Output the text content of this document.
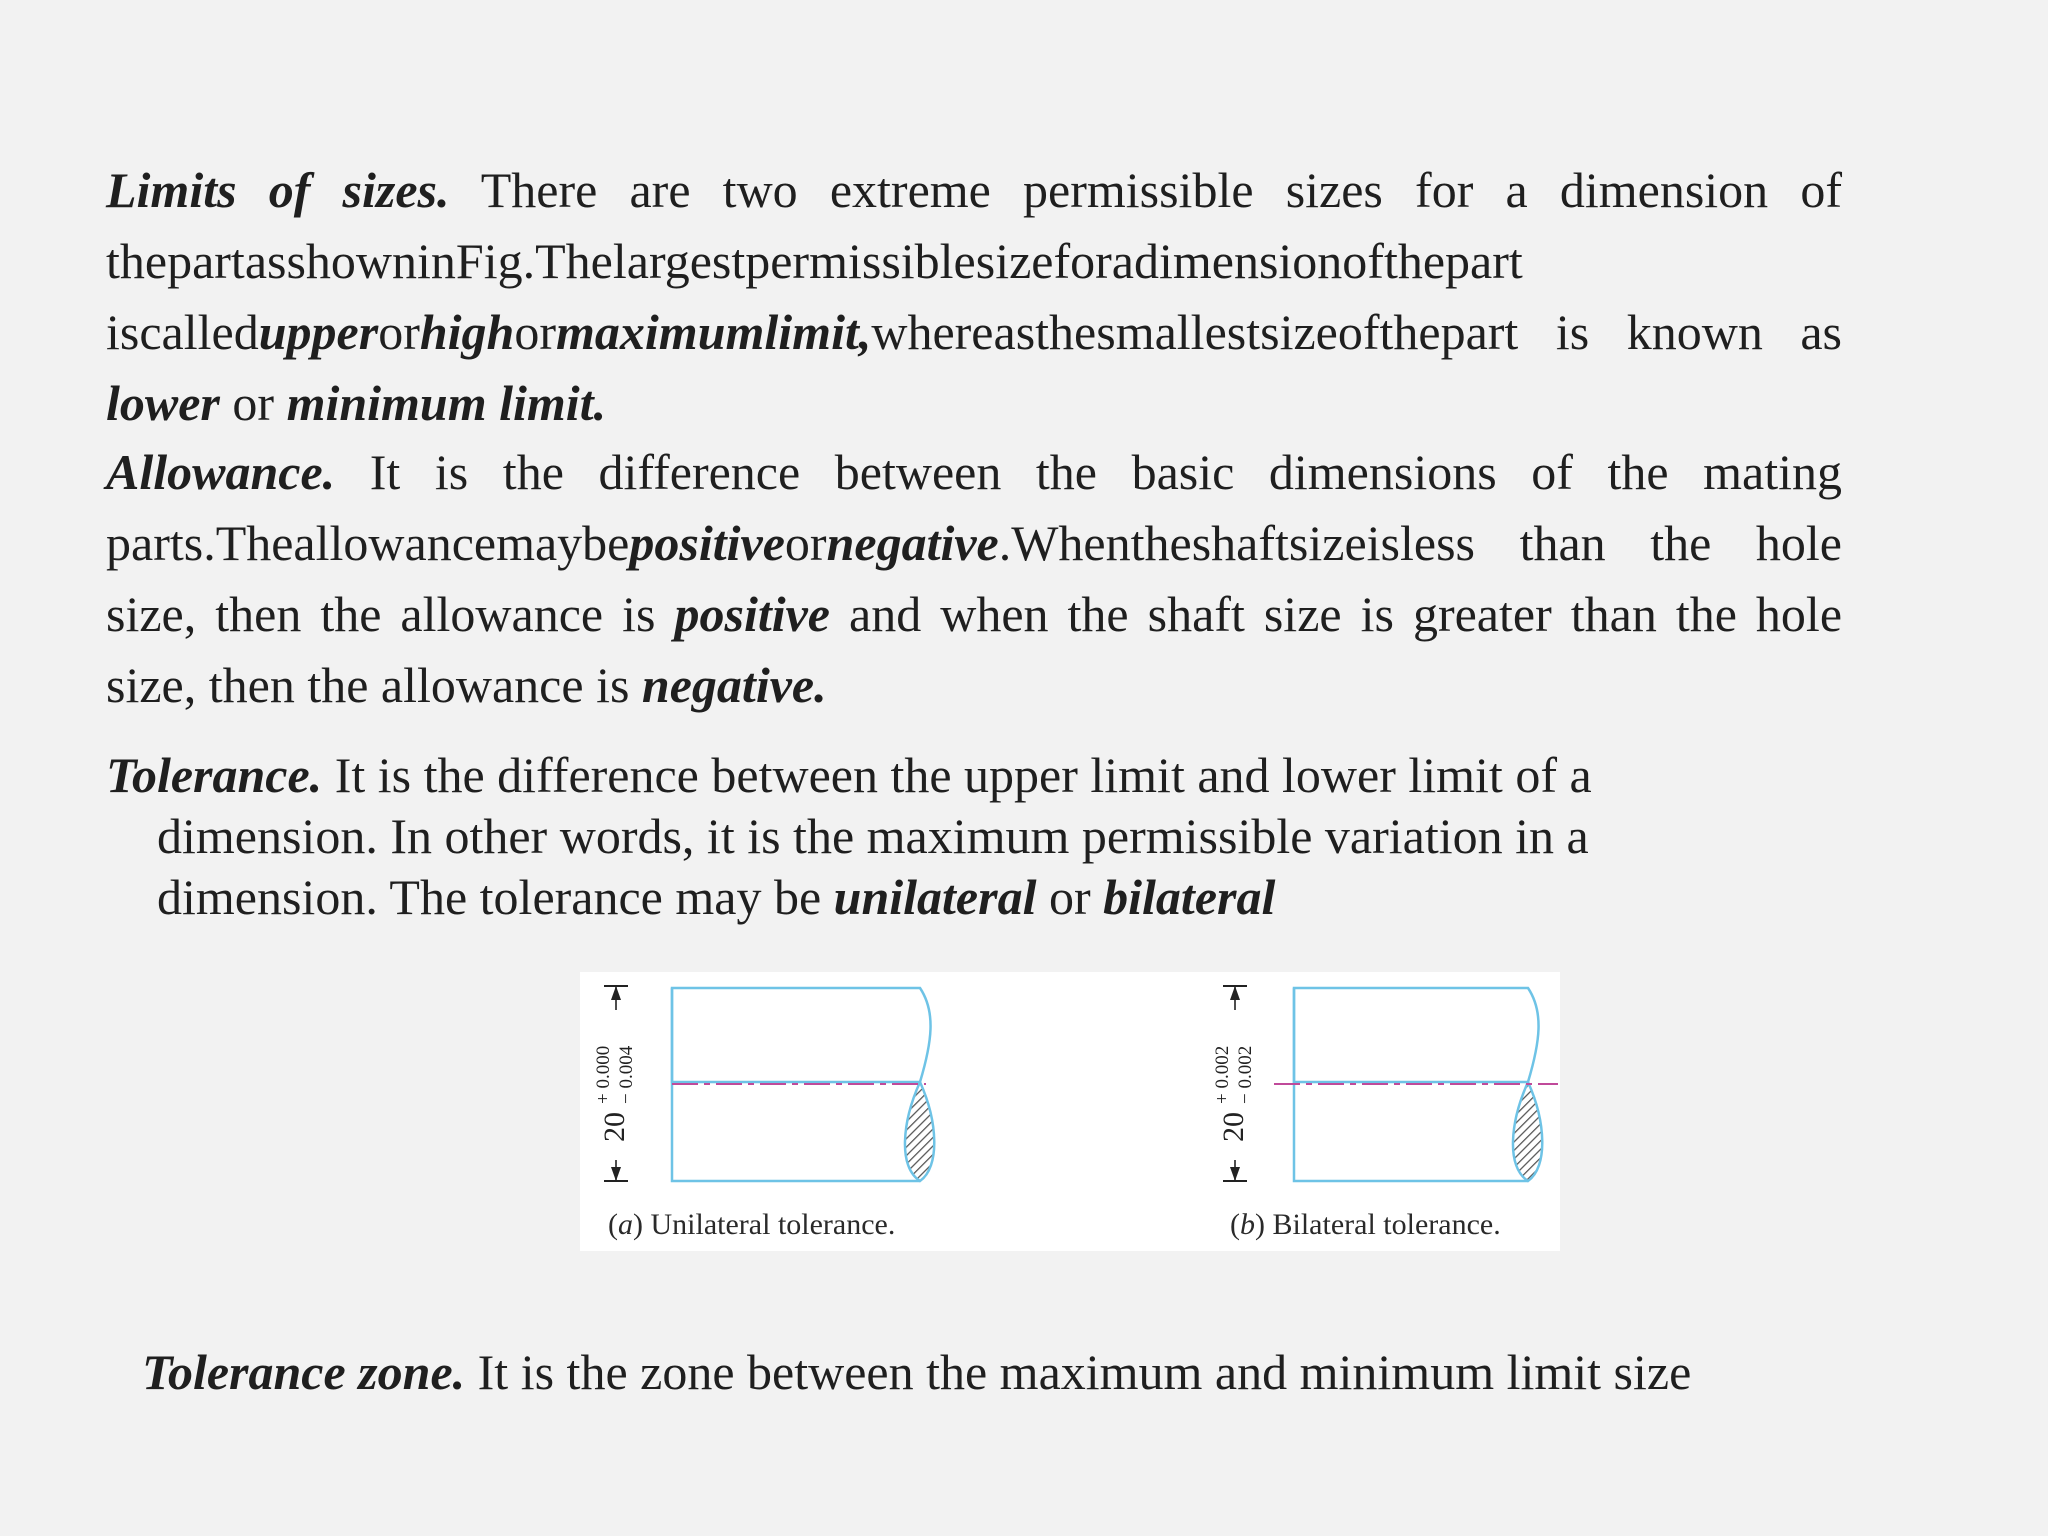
Limits of sizes. There are two extreme permissible sizes for a dimension of
thepartasshowninFig.Thelargestpermissiblesizeforadimensionofthepart
iscalledupperorhighormaximumlimit,whereasthesmallestsizeofthepart is known as
lower or minimum limit.
Allowance. It is the difference between the basic dimensions of the mating
parts.Theallowancemaybepositiveornegative.Whentheshaftsizeisless than the hole
size, then the allowance is positive and when the shaft size is greater than the hole
size, then the allowance is negative.
Tolerance. It is the difference between the upper limit and lower limit of a
dimension. In other words, it is the maximum permissible variation in a
dimension. The tolerance may be unilateral or bilateral
20
+ 0.000 − 0.004
(a) Unilateral tolerance.
20
+ 0.002 − 0.002
(b) Bilateral tolerance.
Tolerance zone. It is the zone between the maximum and minimum limit size
